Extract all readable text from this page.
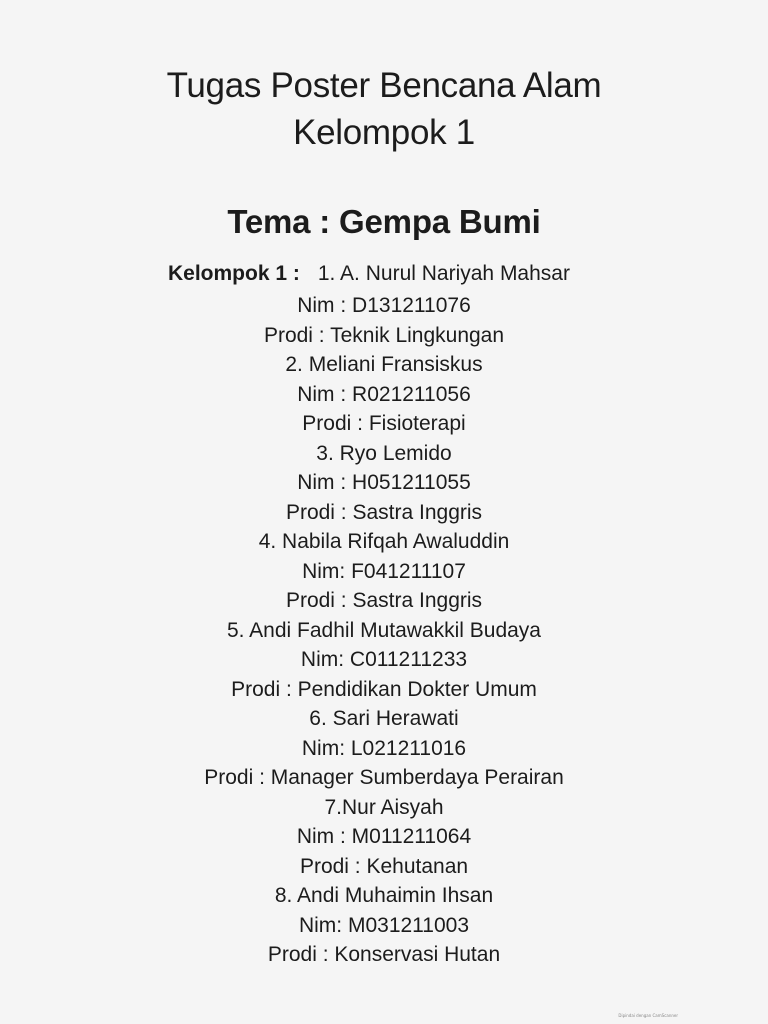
Tugas Poster Bencana Alam
Kelompok 1
Tema : Gempa Bumi
Kelompok 1 : 1. A. Nurul Nariyah Mahsar
Nim : D131211076
Prodi : Teknik Lingkungan
2. Meliani Fransiskus
Nim : R021211056
Prodi : Fisioterapi
3. Ryo Lemido
Nim : H051211055
Prodi : Sastra Inggris
4. Nabila Rifqah Awaluddin
Nim: F041211107
Prodi : Sastra Inggris
5. Andi Fadhil Mutawakkil Budaya
Nim: C011211233
Prodi : Pendidikan Dokter Umum
6. Sari Herawati
Nim: L021211016
Prodi : Manager Sumberdaya Perairan
7.Nur Aisyah
Nim : M011211064
Prodi : Kehutanan
8. Andi Muhaimin Ihsan
Nim: M031211003
Prodi : Konservasi Hutan
Dipindai dengan CamScanner
